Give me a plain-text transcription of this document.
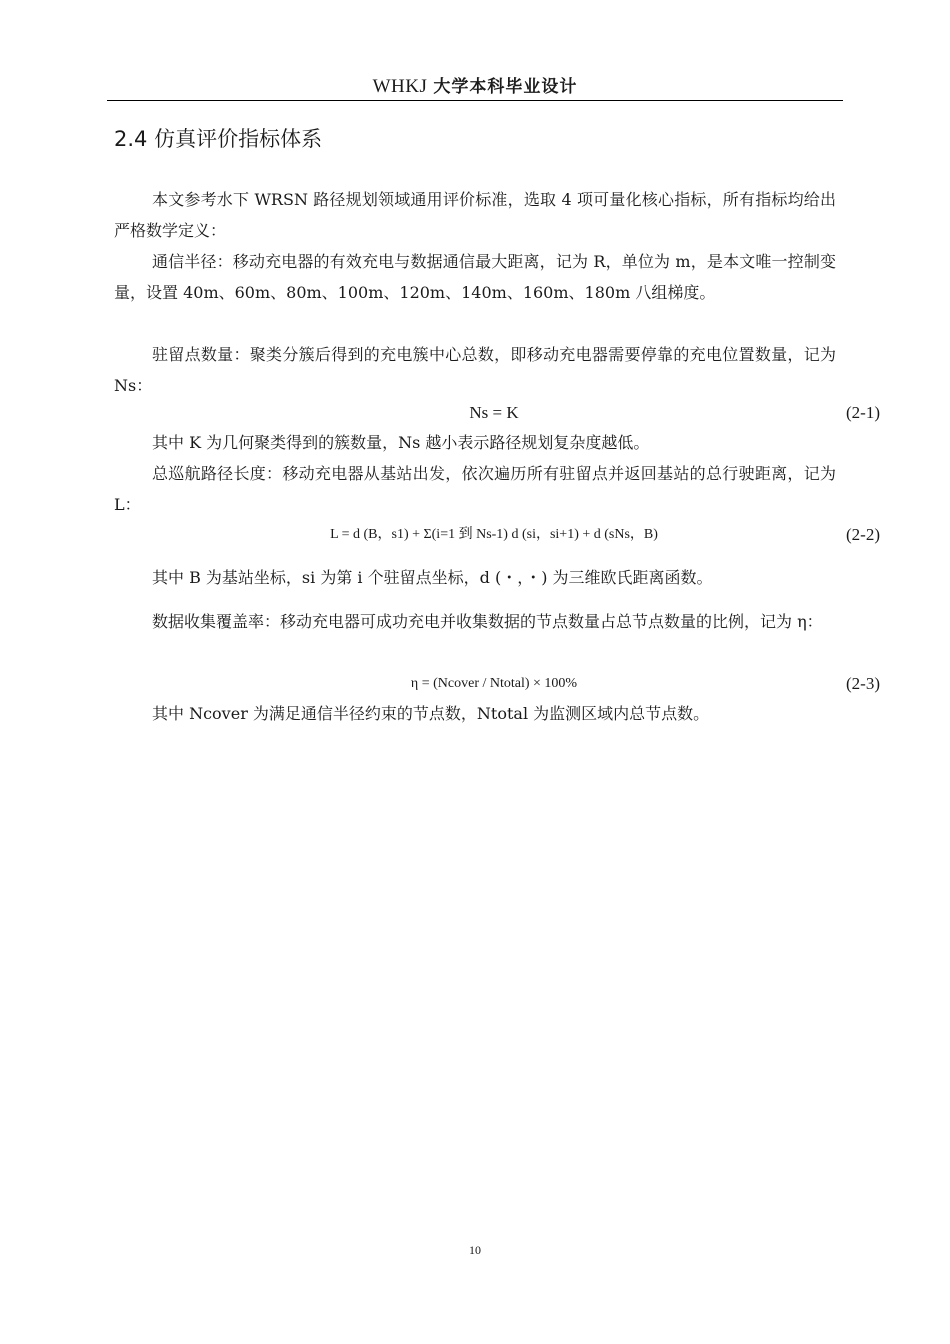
WHKJ 大学本科毕业设计
2.4 仿真评价指标体系

本文参考水下 WRSN 路径规划领域通用评价标准，选取 4 项可量化核心指标，所有指标均给出严格数学定义：

通信半径：移动充电器的有效充电与数据通信最大距离，记为 R，单位为 m，是本文唯一控制变量，设置 40m、60m、80m、100m、120m、140m、160m、180m 八组梯度。

驻留点数量：聚类分簇后得到的充电簇中心总数，即移动充电器需要停靠的充电位置数量，记为 Ns：

Ns = K	(2-1)

其中 K 为几何聚类得到的簇数量，Ns 越小表示路径规划复杂度越低。

总巡航路径长度：移动充电器从基站出发，依次遍历所有驻留点并返回基站的总行驶距离，记为 L：

L = d (B，s1) + Σ(i=1 到 Ns-1) d (si，si+1) + d (sNs，B)	(2-2)

其中 B 为基站坐标，si 为第 i 个驻留点坐标，d (・，・) 为三维欧氏距离函数。

数据收集覆盖率：移动充电器可成功充电并收集数据的节点数量占总节点数量的比例，记为 η：

η = (Ncover / Ntotal) × 100%	(2-3)

其中 Ncover 为满足通信半径约束的节点数，Ntotal 为监测区域内总节点数。

10
